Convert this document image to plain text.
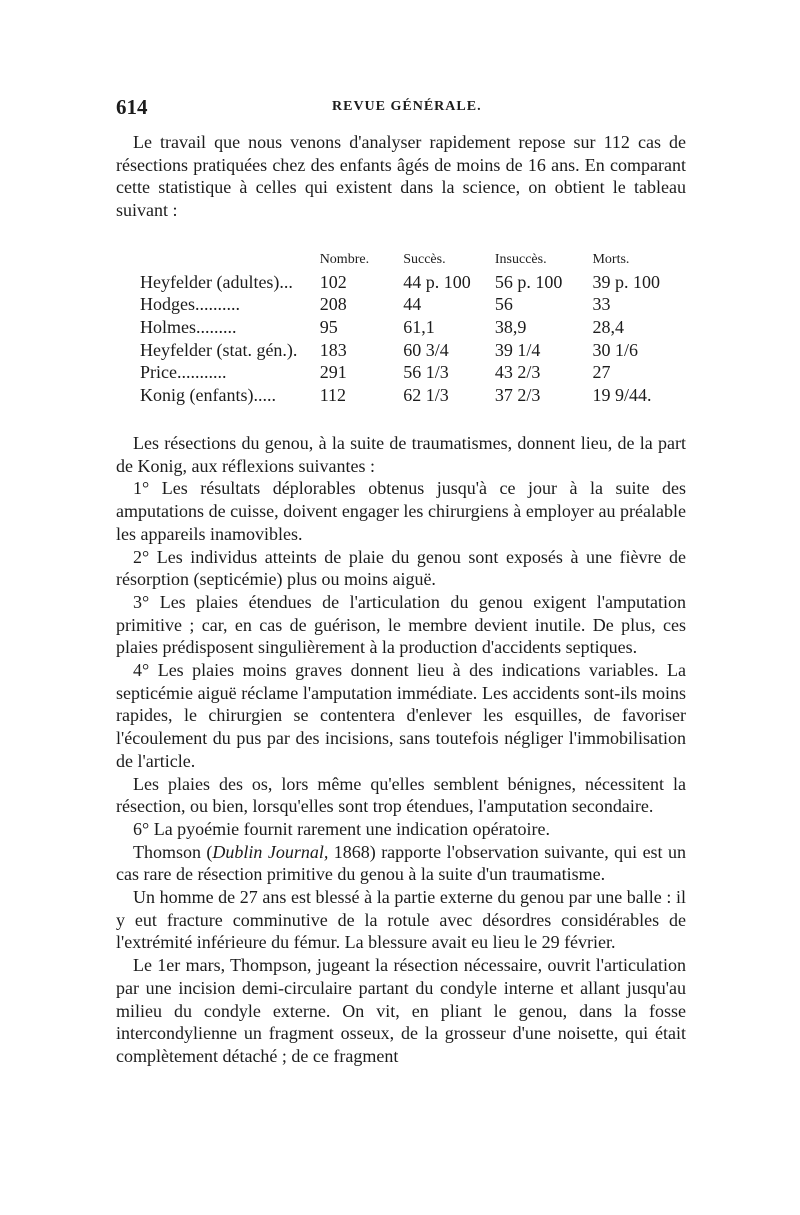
614	REVUE GÉNÉRALE.

Le travail que nous venons d'analyser rapidement repose sur 112 cas de résections pratiquées chez des enfants âgés de moins de 16 ans. En comparant cette statistique à celles qui existent dans la science, on obtient le tableau suivant :

	Nombre.	Succès.	Insuccès.	Morts.
Heyfelder (adultes)...	102	44 p. 100	56 p. 100	39 p. 100
Hodges..........	208	44	56	33
Holmes.........	95	61,1	38,9	28,4
Heyfelder (stat. gén.).	183	60 3/4	39 1/4	30 1/6
Price...........	291	56 1/3	43 2/3	27
Konig (enfants).....	112	62 1/3	37 2/3	19 9/44.

Les résections du genou, à la suite de traumatismes, donnent lieu, de la part de Konig, aux réflexions suivantes :

1° Les résultats déplorables obtenus jusqu'à ce jour à la suite des amputations de cuisse, doivent engager les chirurgiens à employer au préalable les appareils inamovibles.

2° Les individus atteints de plaie du genou sont exposés à une fièvre de résorption (septicémie) plus ou moins aiguë.

3° Les plaies étendues de l'articulation du genou exigent l'amputation primitive ; car, en cas de guérison, le membre devient inutile. De plus, ces plaies prédisposent singulièrement à la production d'accidents septiques.

4° Les plaies moins graves donnent lieu à des indications variables. La septicémie aiguë réclame l'amputation immédiate. Les accidents sont-ils moins rapides, le chirurgien se contentera d'enlever les esquilles, de favoriser l'écoulement du pus par des incisions, sans toutefois négliger l'immobilisation de l'article.

Les plaies des os, lors même qu'elles semblent bénignes, nécessitent la résection, ou bien, lorsqu'elles sont trop étendues, l'amputation secondaire.

6° La pyoémie fournit rarement une indication opératoire.

Thomson (Dublin Journal, 1868) rapporte l'observation suivante, qui est un cas rare de résection primitive du genou à la suite d'un traumatisme.

Un homme de 27 ans est blessé à la partie externe du genou par une balle : il y eut fracture comminutive de la rotule avec désordres considérables de l'extrémité inférieure du fémur. La blessure avait eu lieu le 29 février.

Le 1er mars, Thompson, jugeant la résection nécessaire, ouvrit l'articulation par une incision demi-circulaire partant du condyle interne et allant jusqu'au milieu du condyle externe. On vit, en pliant le genou, dans la fosse intercondylienne un fragment osseux, de la grosseur d'une noisette, qui était complètement détaché ; de ce fragment
